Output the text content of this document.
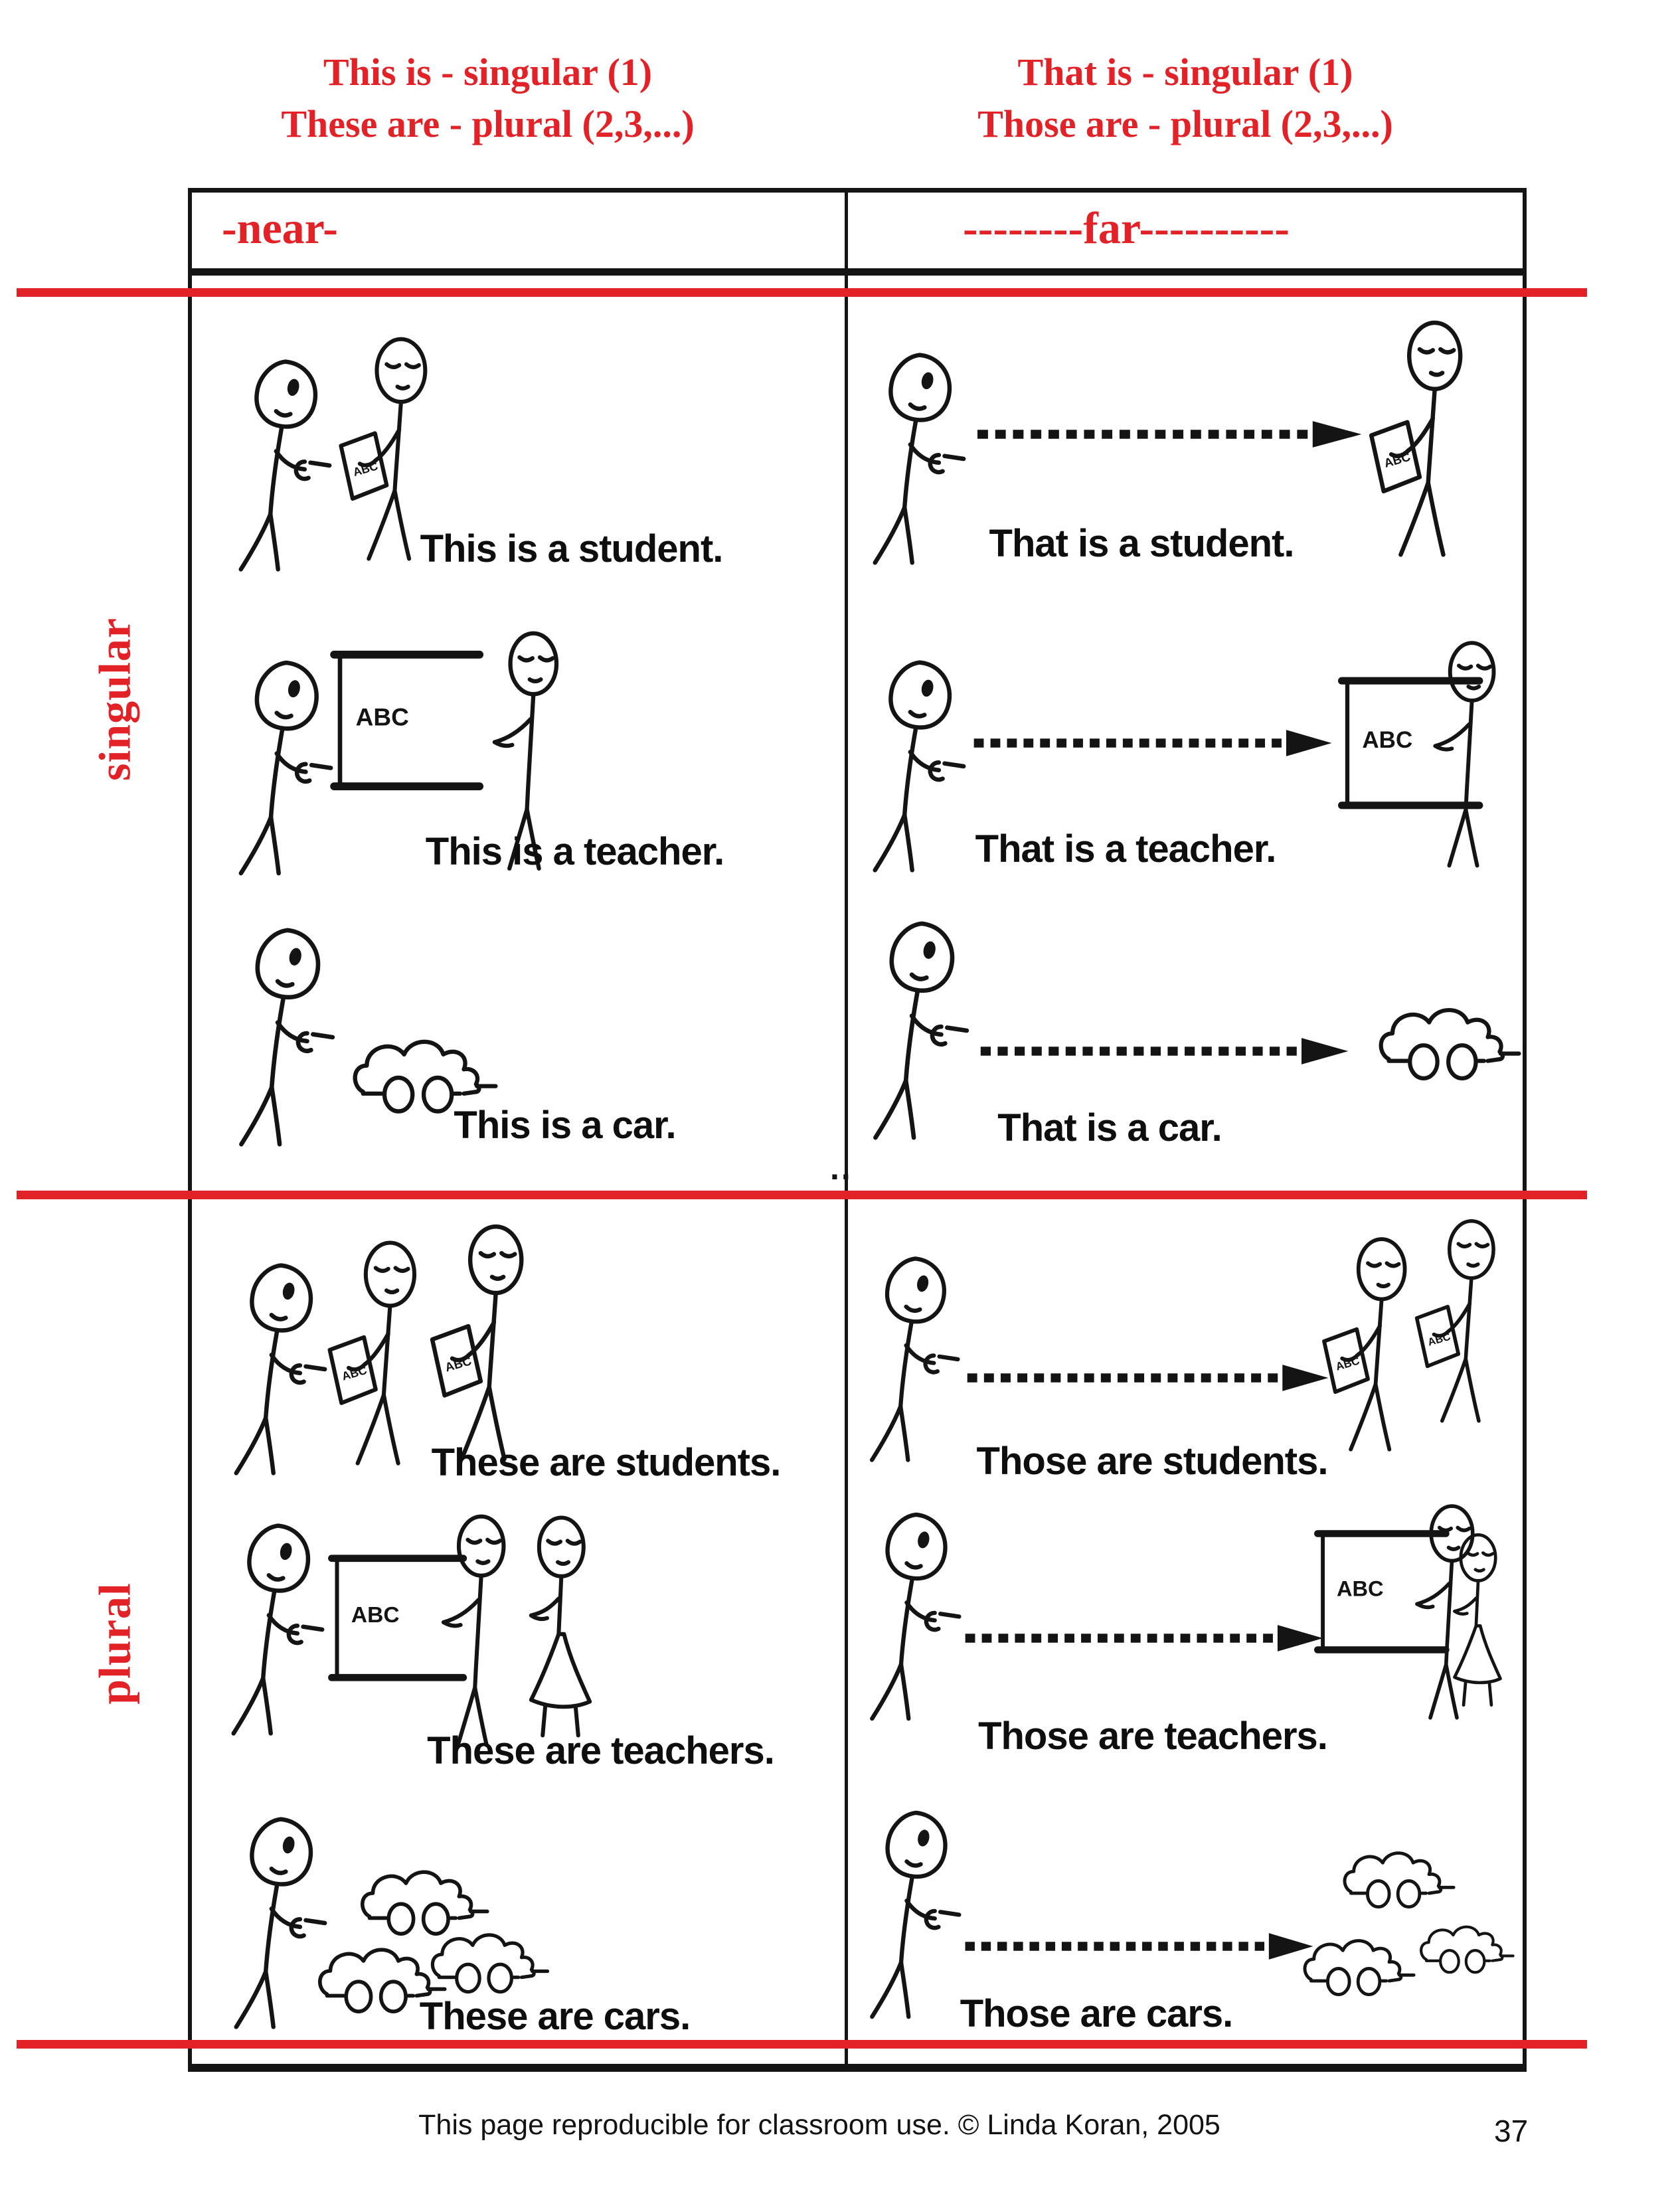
This is - singular (1)
These are - plural (2,3,...)
That is - singular (1)
Those are - plural (2,3,...)
-near-	--------far----------
singular
plural
..
This is a student.
This is a teacher.
This is a car.
That is a student.
That is a teacher.
That is a car.
These are students.
These are teachers.
These are cars.
Those are students.
Those are teachers.
Those are cars.
This page reproducible for classroom use. © Linda Koran, 2005	37
